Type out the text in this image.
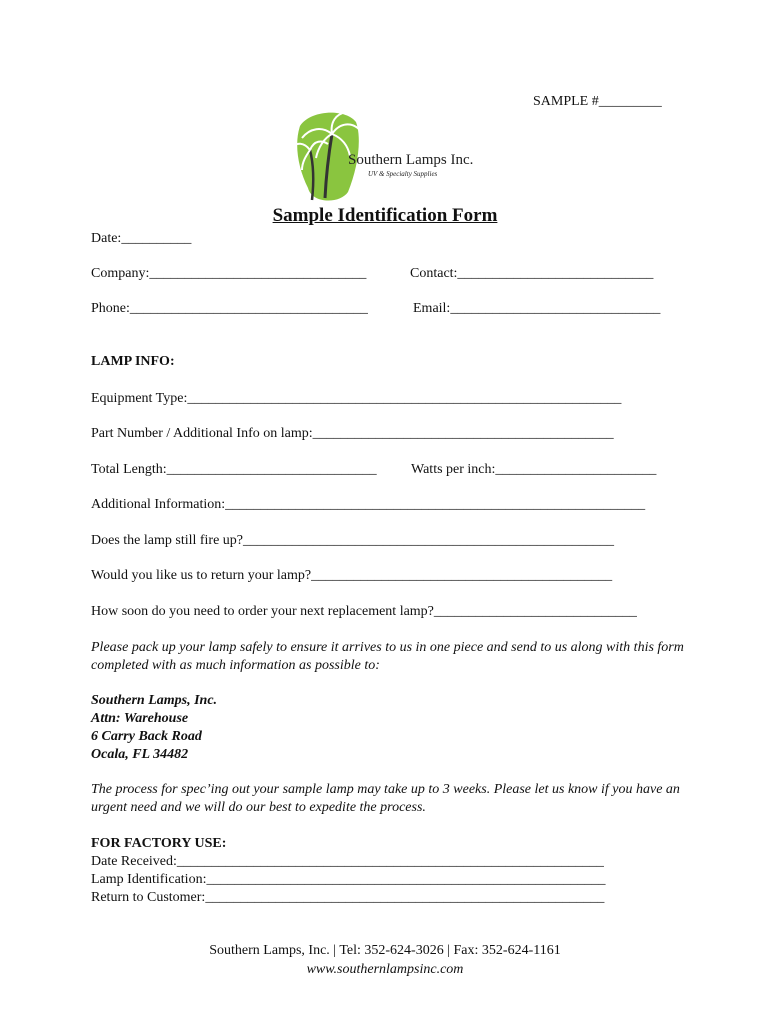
SAMPLE #_________
Southern Lamps Inc.
UV & Specialty Supplies
Sample Identification Form
Date:__________
Company:_______________________________	Contact:____________________________
Phone:__________________________________	Email:______________________________
LAMP INFO:
Equipment Type:______________________________________________________________
Part Number / Additional Info on lamp:___________________________________________
Total Length:______________________________ Watts per inch:_______________________
Additional Information:____________________________________________________________
Does the lamp still fire up?_____________________________________________________
Would you like us to return your lamp?___________________________________________
How soon do you need to order your next replacement lamp?_____________________________
Please pack up your lamp safely to ensure it arrives to us in one piece and send to us along with this form completed with as much information as possible to:
Southern Lamps, Inc.
Attn: Warehouse
6 Carry Back Road
Ocala, FL 34482
The process for spec’ing out your sample lamp may take up to 3 weeks. Please let us know if you have an urgent need and we will do our best to expedite the process.
FOR FACTORY USE:
Date Received:_____________________________________________________________
Lamp Identification:_________________________________________________________
Return to Customer:_________________________________________________________
Southern Lamps, Inc. | Tel: 352-624-3026 | Fax: 352-624-1161
www.southernlampsinc.com
